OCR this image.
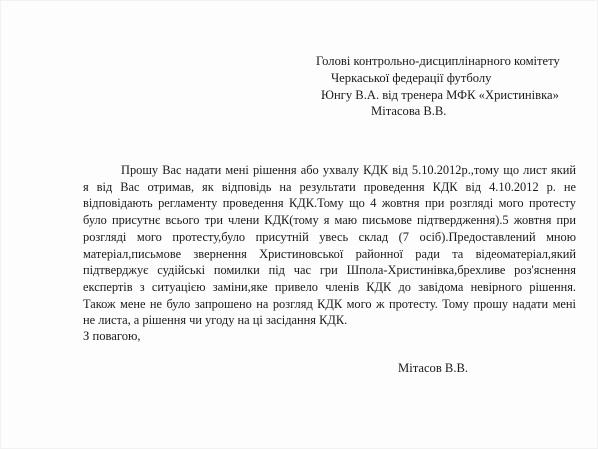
Голові контрольно-дисциплінарного комітету
Черкаської федерації футболу
Юнгу В.А. від тренера МФК «Христинівка»
Мітасова В.В.
Прошу Вас надати мені рішення або ухвалу КДК від 5.10.2012р.,тому що лист який
я від Вас отримав, як відповідь на результати проведення КДК від 4.10.2012 р. не
відповідають регламенту проведення КДК.Тому що 4 жовтня при розгляді мого протесту
було присутнє всього три члени КДК(тому я маю письмове підтвердження).5 жовтня при
розгляді мого протесту,було присутній увесь склад (7 осіб).Предоставлений мною
матеріал,письмове звернення Христиновської районної ради та відеоматеріал,який
підтверджує судійські помилки під час гри Шпола-Христинівка,брехливе роз'яснення
експертів з ситуацією заміни,яке привело членів КДК до завідома невірного рішення.
Також мене не було запрошено на розгляд КДК мого ж протесту. Тому прошу надати мені
не листа, а рішення чи угоду на ці засідання КДК.
З повагою,
Мітасов В.В.
